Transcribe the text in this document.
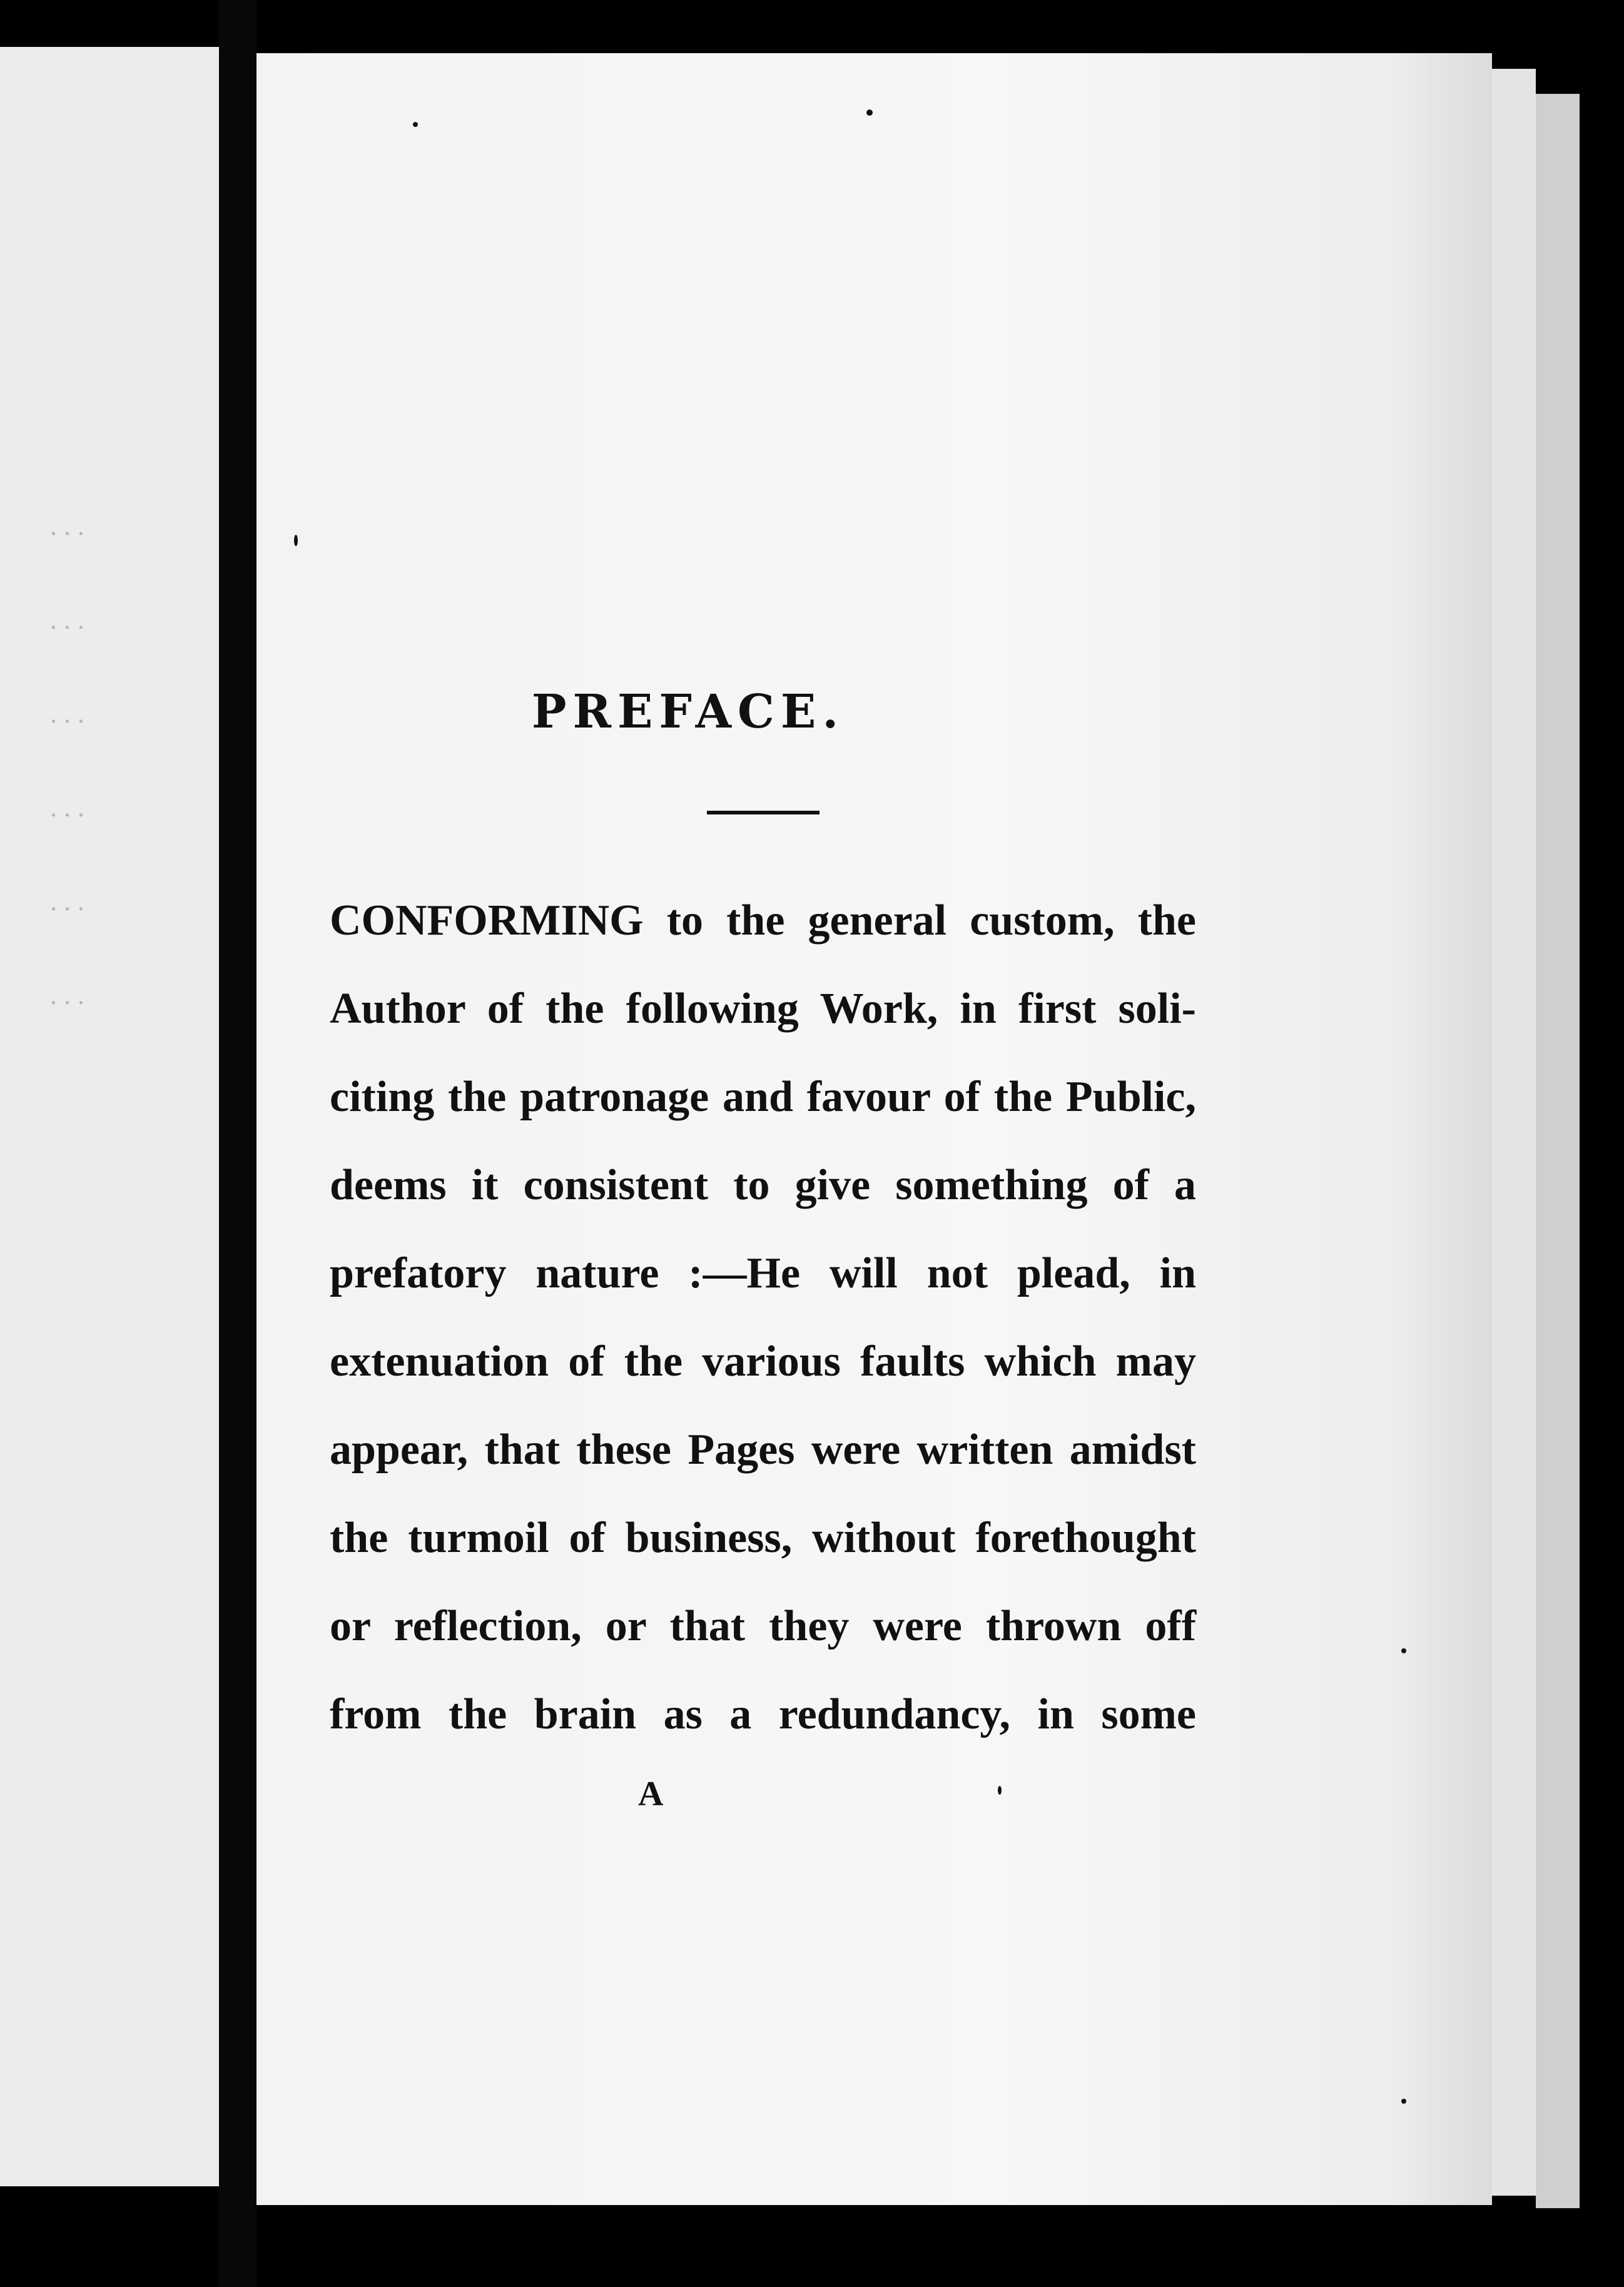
. . .
. . .
. . .
. . .
. . .
. . .

PREFACE.
CONFORMING to the general custom, the
Author of the following Work, in first soli-
citing the patronage and favour of the Public,
deems it consistent to give something of a
prefatory nature :—He will not plead, in
extenuation of the various faults which may
appear, that these Pages were written amidst
the turmoil of business, without forethought
or reflection, or that they were thrown off
from the brain as a redundancy, in some
A
